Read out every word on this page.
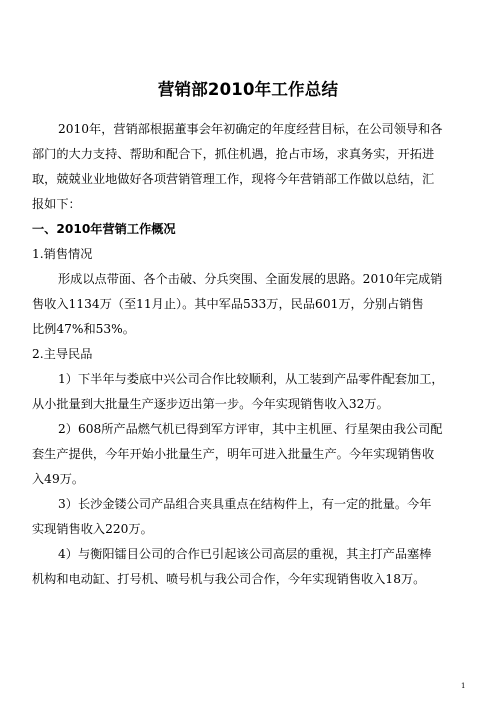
营销部2010年工作总结
2010年，营销部根据董事会年初确定的年度经营目标，在公司领导和各
部门的大力支持、帮助和配合下，抓住机遇，抢占市场，求真务实，开拓进
取，兢兢业业地做好各项营销管理工作，现将今年营销部工作做以总结，汇
报如下：
一、2010年营销工作概况
1.销售情况
形成以点带面、各个击破、分兵突围、全面发展的思路。2010年完成销
售收入1134万（至11月止）。其中军品533万，民品601万，分别占销售
比例47%和53%。
2.主导民品
1）下半年与娄底中兴公司合作比较顺利，从工装到产品零件配套加工，
从小批量到大批量生产逐步迈出第一步。今年实现销售收入32万。
2）608所产品燃气机已得到军方评审，其中主机匣、行星架由我公司配
套生产提供，今年开始小批量生产，明年可进入批量生产。今年实现销售收
入49万。
3）长沙金镂公司产品组合夹具重点在结构件上，有一定的批量。今年
实现销售收入220万。
4）与衡阳镭目公司的合作已引起该公司高层的重视，其主打产品塞棒
机构和电动缸、打号机、喷号机与我公司合作，今年实现销售收入18万。
1
